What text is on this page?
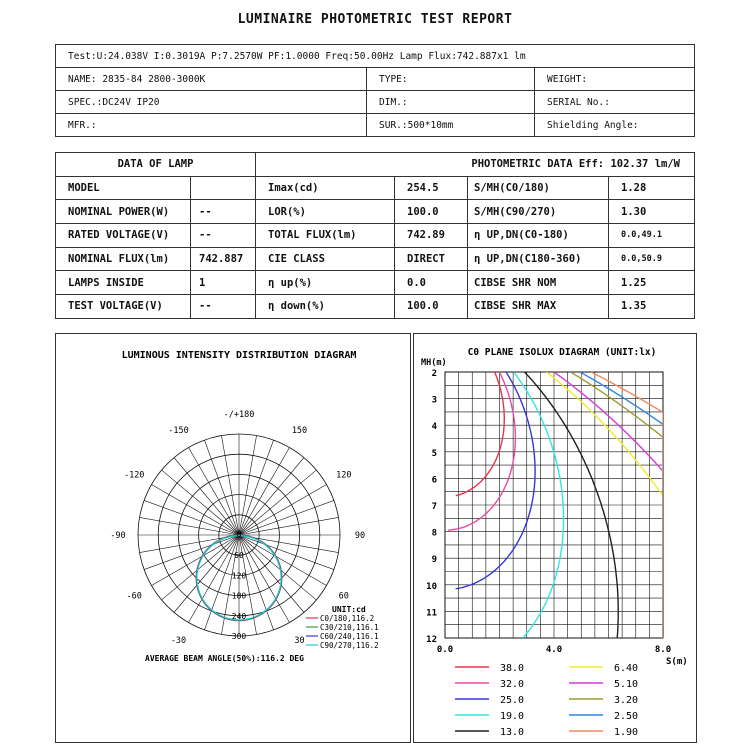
LUMINAIRE PHOTOMETRIC TEST REPORT
Test:U:24.038V I:0.3019A P:7.2570W PF:1.0000 Freq:50.00Hz Lamp Flux:742.887x1 lm		
NAME: 2835-84 2800-3000K	TYPE:	WEIGHT:
SPEC.:DC24V IP20	DIM.:	SERIAL No.:
MFR.:	SUR.:500*10mm	Shielding Angle:
DATA OF LAMP		PHOTOMETRIC DATA Eff: 102.37 lm/W			
MODEL		Imax(cd)	254.5	S/MH(C0/180)	1.28
NOMINAL POWER(W)	--	LOR(%)	100.0	S/MH(C90/270)	1.30
RATED VOLTAGE(V)	--	TOTAL FLUX(lm)	742.89	η UP,DN(C0-180)	0.0,49.1
NOMINAL FLUX(lm)	742.887	CIE CLASS	DIRECT	η UP,DN(C180-360)	0.0,50.9
LAMPS INSIDE	1	η up(%)	0.0	CIBSE SHR NOM	1.25
TEST VOLTAGE(V)	--	η down(%)	100.0	CIBSE SHR MAX	1.35
LUMINOUS INTENSITY DISTRIBUTION DIAGRAM
-/+180
-150	150
-120	120
-90	90
-60	60
-30	30
0
60
120
180
240
300
UNIT:cd
C0/180,116.2
C30/210,116.1
C60/240,116.1
C90/270,116.2
AVERAGE BEAM ANGLE(50%):116.2 DEG
C0 PLANE ISOLUX DIAGRAM (UNIT:lx)
MH(m)
S(m)
2
3
4
5
6
7
8
9
10
11
12
0.0	4.0	8.0
38.0
32.0
25.0
19.0
13.0
6.40
5.10
3.20
2.50
1.90
